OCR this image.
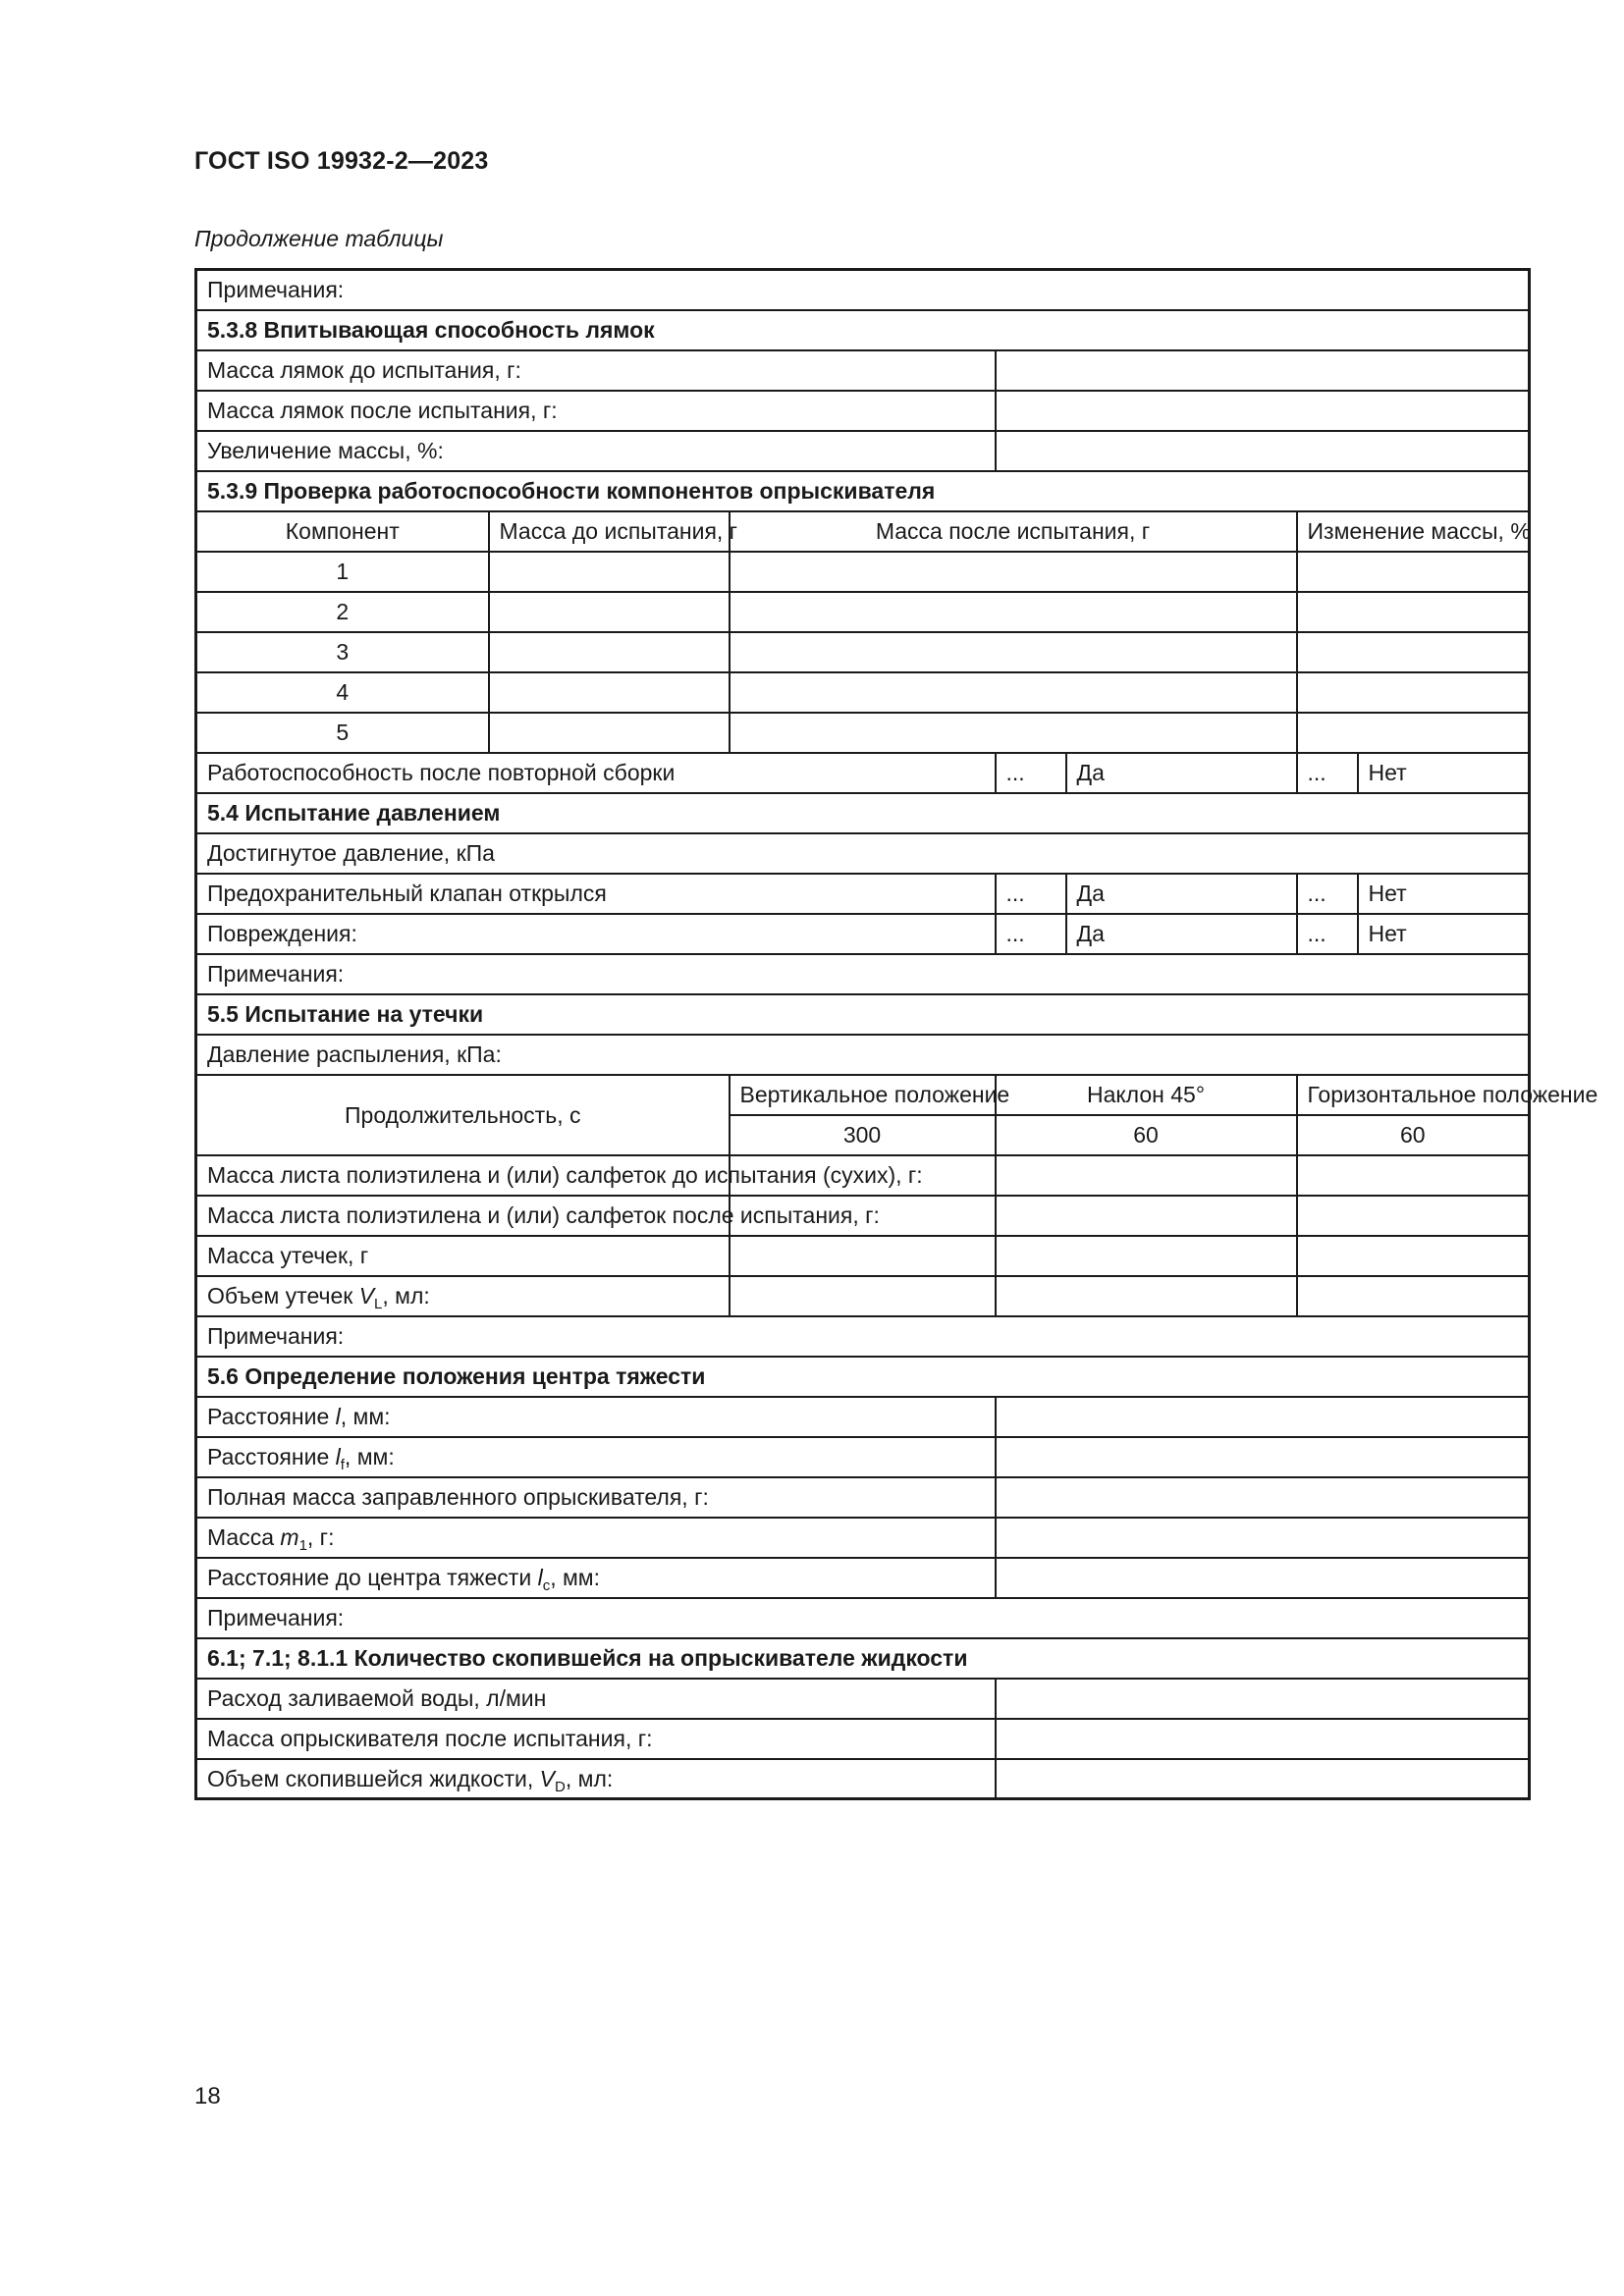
ГОСТ ISO 19932-2—2023
Продолжение таблицы
Примечания:						
5.3.8 Впитывающая способность лямок						
Масса лямок до испытания, г:						
Масса лямок после испытания, г:						
Увеличение массы, %:						
5.3.9 Проверка работоспособности компонентов опрыскивателя						
Компонент	Масса до испытания, г	Масса после испытания, г			Изменение массы, %	
1						
2						
3						
4						
5						
Работоспособность после повторной сборки			...	Да	...	Нет
5.4 Испытание давлением						
Достигнутое давление, кПа						
Предохранительный клапан открылся			...	Да	...	Нет
Повреждения:			...	Да	...	Нет
Примечания:						
5.5 Испытание на утечки						
Давление распыления, кПа:						
Продолжительность, с		Вертикальное положение	Наклон 45°		Горизонтальное положение	
		300	60		60	
Масса листа полиэтилена и (или) салфеток до испытания (сухих), г:						
Масса листа полиэтилена и (или) салфеток после испытания, г:						
Масса утечек, г						
Объем утечек $V_L$, мл:						
Примечания:						
5.6 Определение положения центра тяжести						
Расстояние l, мм:						
Расстояние $l_f$, мм:						
Полная масса заправленного опрыскивателя, г:						
Масса $m_1$, г:						
Расстояние до центра тяжести $l_c$, мм:						
Примечания:						
6.1; 7.1; 8.1.1 Количество скопившейся на опрыскивателе жидкости						
Расход заливаемой воды, л/мин						
Масса опрыскивателя после испытания, г:						
Объем скопившейся жидкости, $V_D$, мл:						
18
